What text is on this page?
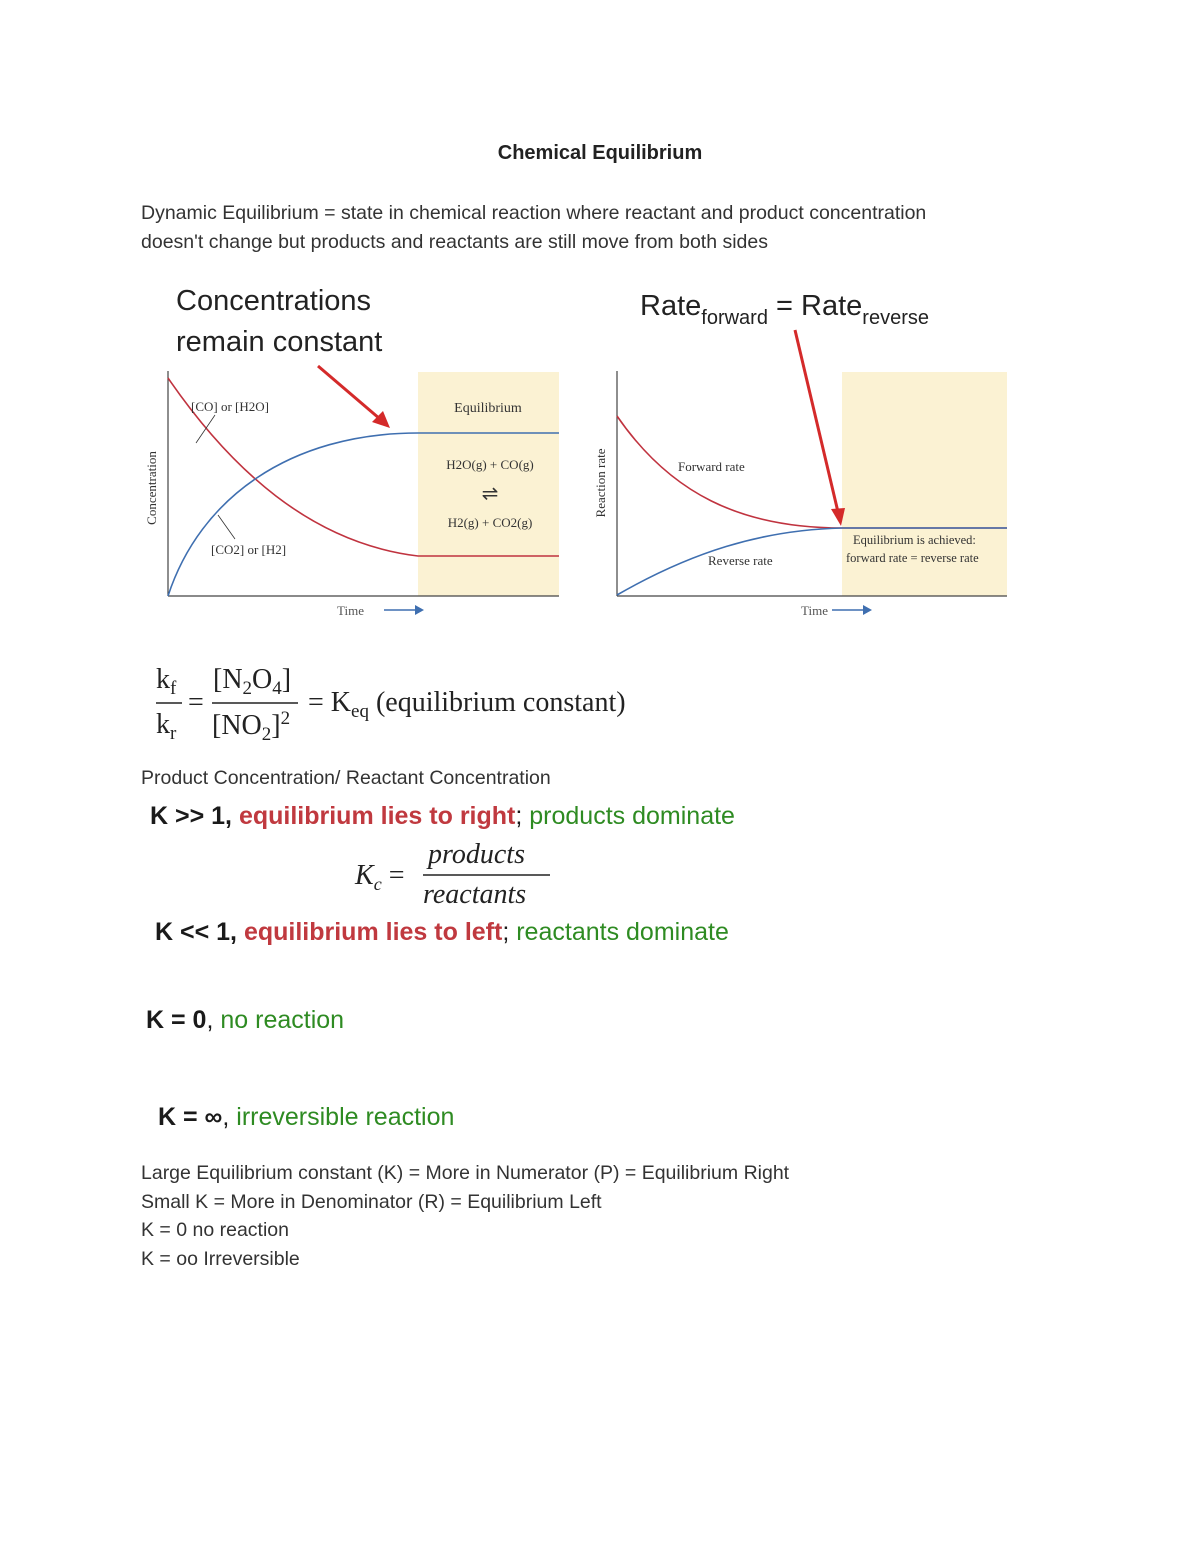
Chemical Equilibrium
Dynamic Equilibrium = state in chemical reaction where reactant and product concentration
doesn't change but products and reactants are still move from both sides
Concentrations
remain constant
[CO] or [H2O]
[CO2] or [H2]
Equilibrium
H2O(g) + CO(g)
⇌
H2(g) + CO2(g)
Concentration
Time
Rate$_{forward}$ = Rate$_{reverse}$
Forward rate
Reverse rate
Equilibrium is achieved:
forward rate = reverse rate
Reaction rate
Time
$k_f$
$k_r$
=
$[N_2O_4]$
$[NO_2]^2$
= $K_{eq}$ (equilibrium constant)
Product Concentration/ Reactant Concentration
K >> 1, equilibrium lies to right; products dominate
$K_c$ =
products
reactants
K << 1, equilibrium lies to left; reactants dominate
K = 0, no reaction
K = ∞, irreversible reaction
Large Equilibrium constant (K) = More in Numerator (P) = Equilibrium Right
Small K = More in Denominator (R) = Equilibrium Left
K = 0 no reaction
K = oo Irreversible
